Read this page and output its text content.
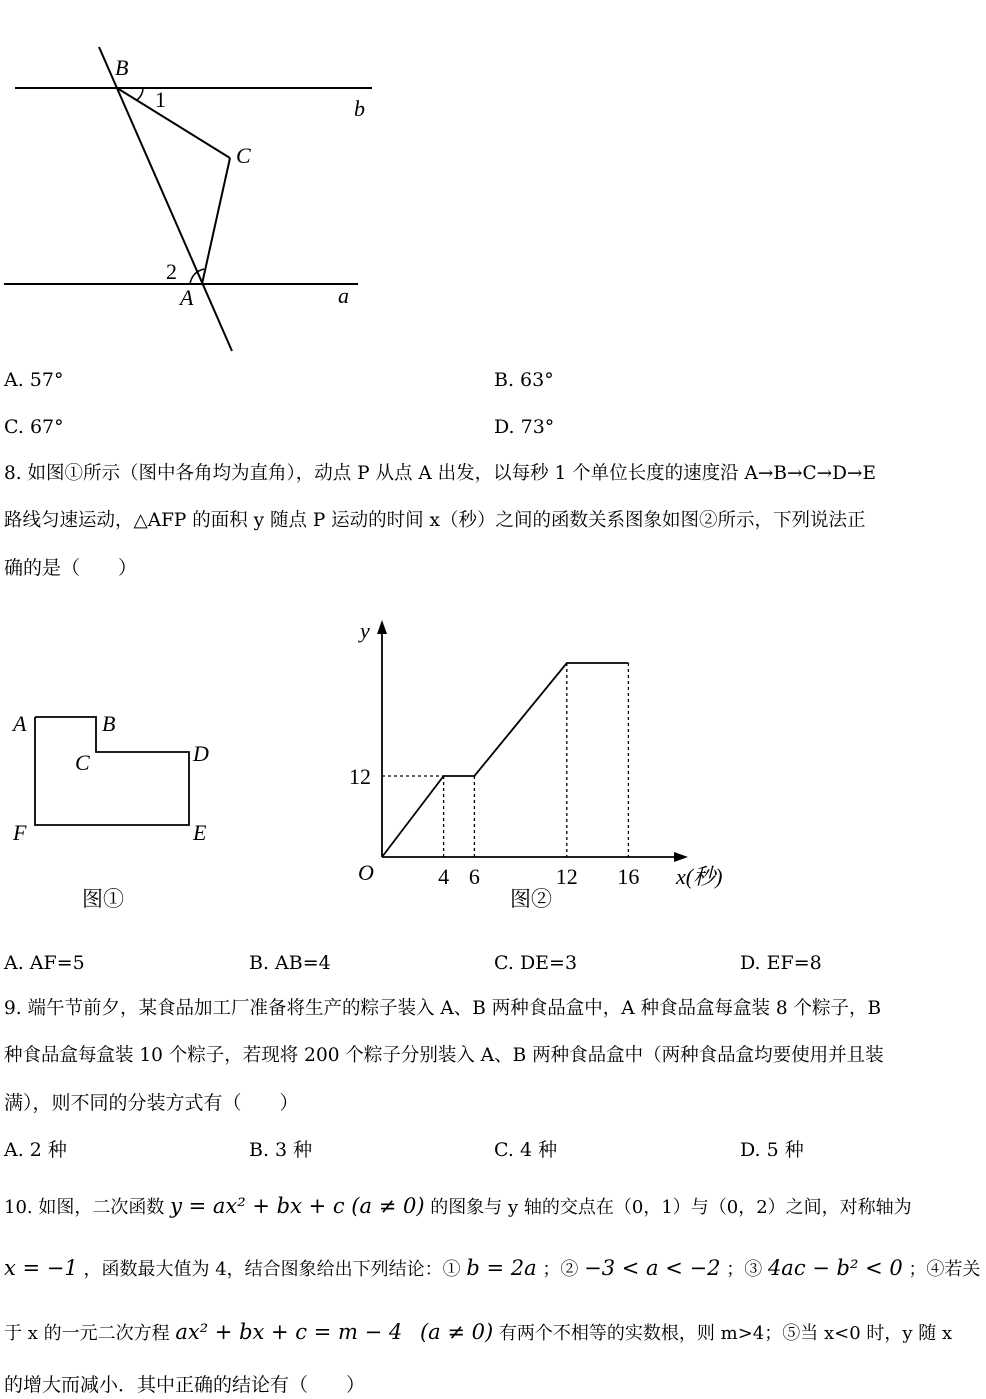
B
1	b
C
2
A	a
A. 57°	B. 63°
C. 67°	D. 73°
8. 如图①所示（图中各角均为直角），动点 P 从点 A 出发，以每秒 1 个单位长度的速度沿 A→B→C→D→E
路线匀速运动，△AFP 的面积 y 随点 P 运动的时间 x（秒）之间的函数关系图象如图②所示，下列说法正
确的是（　　）
A	B
C	D
E
F
图①
y
O
12
4 6	12 16 x(秒)
图②
A. AF=5	B. AB=4	C. DE=3	D. EF=8
9. 端午节前夕，某食品加工厂准备将生产的粽子装入 A、B 两种食品盒中，A 种食品盒每盒装 8 个粽子，B
种食品盒每盒装 10 个粽子，若现将 200 个粽子分别装入 A、B 两种食品盒中（两种食品盒均要使用并且装
满），则不同的分装方式有（　　）
A. 2 种	B. 3 种	C. 4 种	D. 5 种
10. 如图，二次函数 y = ax² + bx + c (a ≠ 0) 的图象与 y 轴的交点在（0，1）与（0，2）之间，对称轴为
x = −1 ，函数最大值为 4，结合图象给出下列结论：① b = 2a ；② −3 < a < −2 ；③ 4ac − b² < 0 ；④若关
于 x 的一元二次方程 ax² + bx + c = m − 4 (a ≠ 0) 有两个不相等的实数根，则 m>4；⑤当 x<0 时，y 随 x
的增大而减小．其中正确的结论有（　　）
